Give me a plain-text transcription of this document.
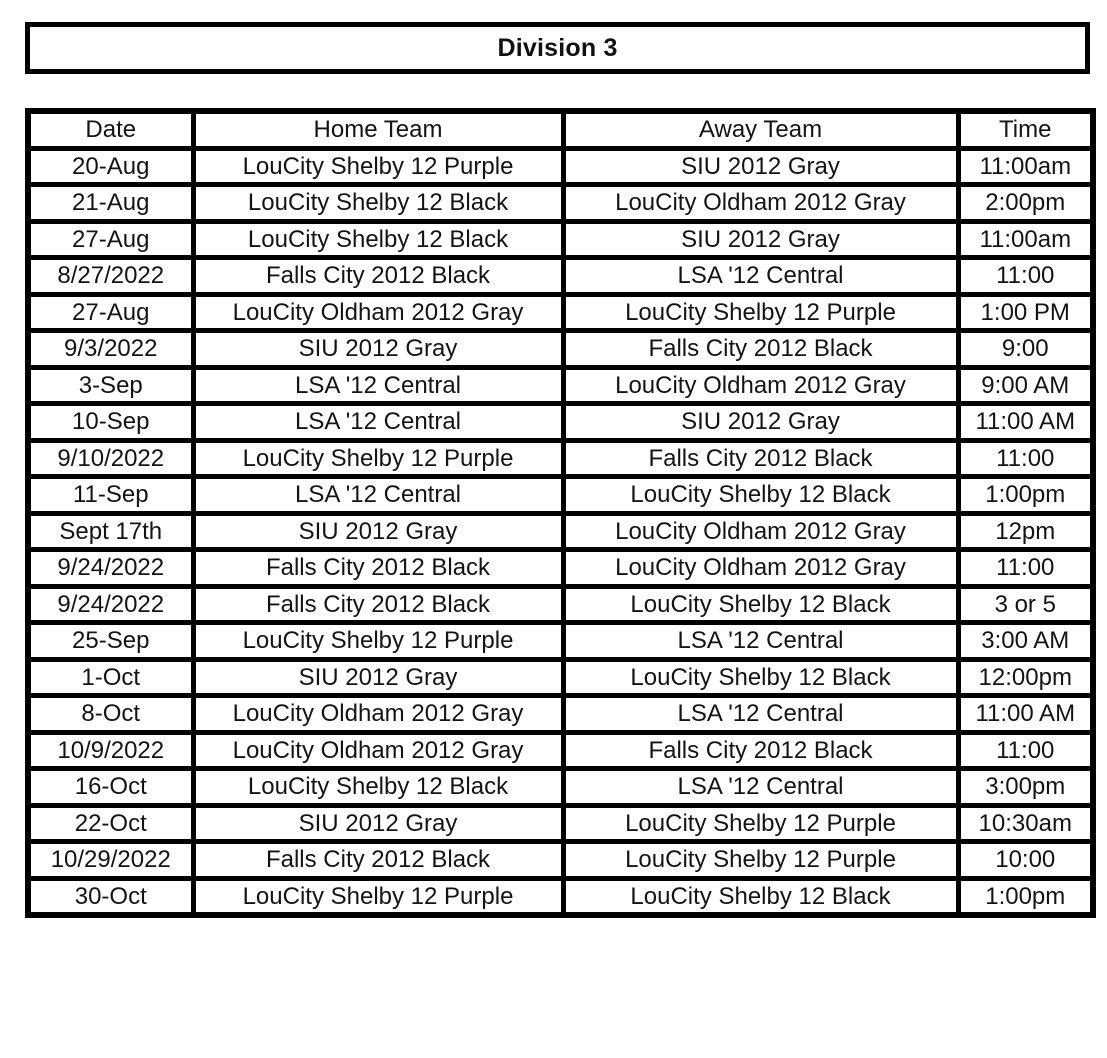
Division 3
Date	Home Team	Away Team	Time
20-Aug	LouCity Shelby 12 Purple	SIU 2012 Gray	11:00am
21-Aug	LouCity Shelby 12 Black	LouCity Oldham 2012 Gray	2:00pm
27-Aug	LouCity Shelby 12 Black	SIU 2012 Gray	11:00am
8/27/2022	Falls City 2012 Black	LSA '12 Central	11:00
27-Aug	LouCity Oldham 2012 Gray	LouCity Shelby 12 Purple	1:00 PM
9/3/2022	SIU 2012 Gray	Falls City 2012 Black	9:00
3-Sep	LSA '12 Central	LouCity Oldham 2012 Gray	9:00 AM
10-Sep	LSA '12 Central	SIU 2012 Gray	11:00 AM
9/10/2022	LouCity Shelby 12 Purple	Falls City 2012 Black	11:00
11-Sep	LSA '12 Central	LouCity Shelby 12 Black	1:00pm
Sept 17th	SIU 2012 Gray	LouCity Oldham 2012 Gray	12pm
9/24/2022	Falls City 2012 Black	LouCity Oldham 2012 Gray	11:00
9/24/2022	Falls City 2012 Black	LouCity Shelby 12 Black	3 or 5
25-Sep	LouCity Shelby 12 Purple	LSA '12 Central	3:00 AM
1-Oct	SIU 2012 Gray	LouCity Shelby 12 Black	12:00pm
8-Oct	LouCity Oldham 2012 Gray	LSA '12 Central	11:00 AM
10/9/2022	LouCity Oldham 2012 Gray	Falls City 2012 Black	11:00
16-Oct	LouCity Shelby 12 Black	LSA '12 Central	3:00pm
22-Oct	SIU 2012 Gray	LouCity Shelby 12 Purple	10:30am
10/29/2022	Falls City 2012 Black	LouCity Shelby 12 Purple	10:00
30-Oct	LouCity Shelby 12 Purple	LouCity Shelby 12 Black	1:00pm
